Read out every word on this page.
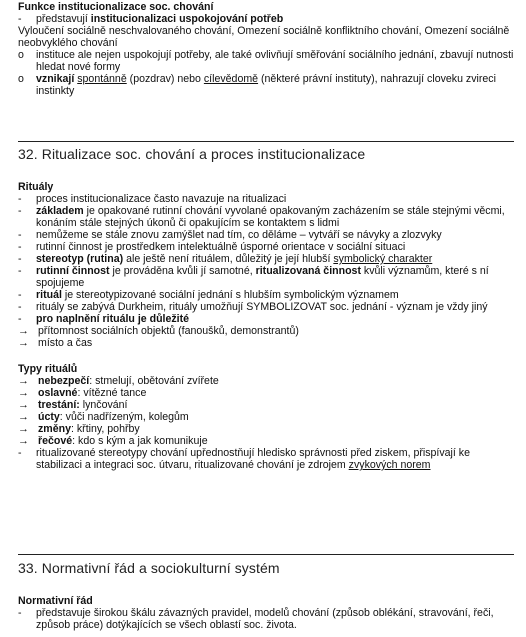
Funkce institucionalizace soc. chování
-	představují institucionalizaci uspokojování potřeb
Vyloučení sociálně neschvalovaného chování, Omezení sociálně konfliktního chování, Omezení sociálně neobvyklého chování
o	instituce ale nejen uspokojují potřeby, ale také ovlivňují směřování sociálního jednání, zbavují nutnosti hledat nové formy
o	vznikají spontánně (pozdrav) nebo cílevědomě (některé právní instituty), nahrazují cloveku zvireci instinkty
32. Ritualizace soc. chování a proces institucionalizace
Rituály
-	proces institucionalizace často navazuje na ritualizaci
-	základem je opakované rutinní chování vyvolané opakovaným zacházením se stále stejnými věcmi, konáním stále stejných úkonů či opakujícím se kontaktem s lidmi
-	nemůžeme se stále znovu zamýšlet nad tím, co děláme – vytváří se návyky a zlozvyky
-	rutinní činnost je prostředkem intelektuálně úsporné orientace v sociální situaci
-	stereotyp (rutina) ale ještě není rituálem, důležitý je její hlubší symbolický charakter
-	rutinní činnost je prováděna kvůli jí samotné, ritualizovaná činnost kvůli významům, které s ní spojujeme
-	rituál je stereotypizované sociální jednání s hlubším symbolickým významem
-	rituály se zabývá Durkheim, rituály umožňují SYMBOLIZOVAT soc. jednání - význam je vždy jiný
-	pro naplnění rituálu je důležité
→ přítomnost sociálních objektů (fanoušků, demonstrantů)
→ místo a čas
Typy rituálů
→ nebezpečí: stmelují, obětování zvířete
→ oslavné: vítězné tance
→ trestání: lynčování
→ úcty: vůči nadřízeným, kolegům
→ změny: křtiny, pohřby
→ řečové: kdo s kým a jak komunikuje
-	ritualizované stereotypy chování upřednostňují hledisko správnosti před ziskem, přispívají ke stabilizaci a integraci soc. útvaru, ritualizované chování je zdrojem zvykových norem
33. Normativní řád a sociokulturní systém
Normativní řád
-	představuje širokou škálu závazných pravidel, modelů chování (způsob oblékání, stravování, řeči, způsob práce) dotýkajících se všech oblastí soc. života.
